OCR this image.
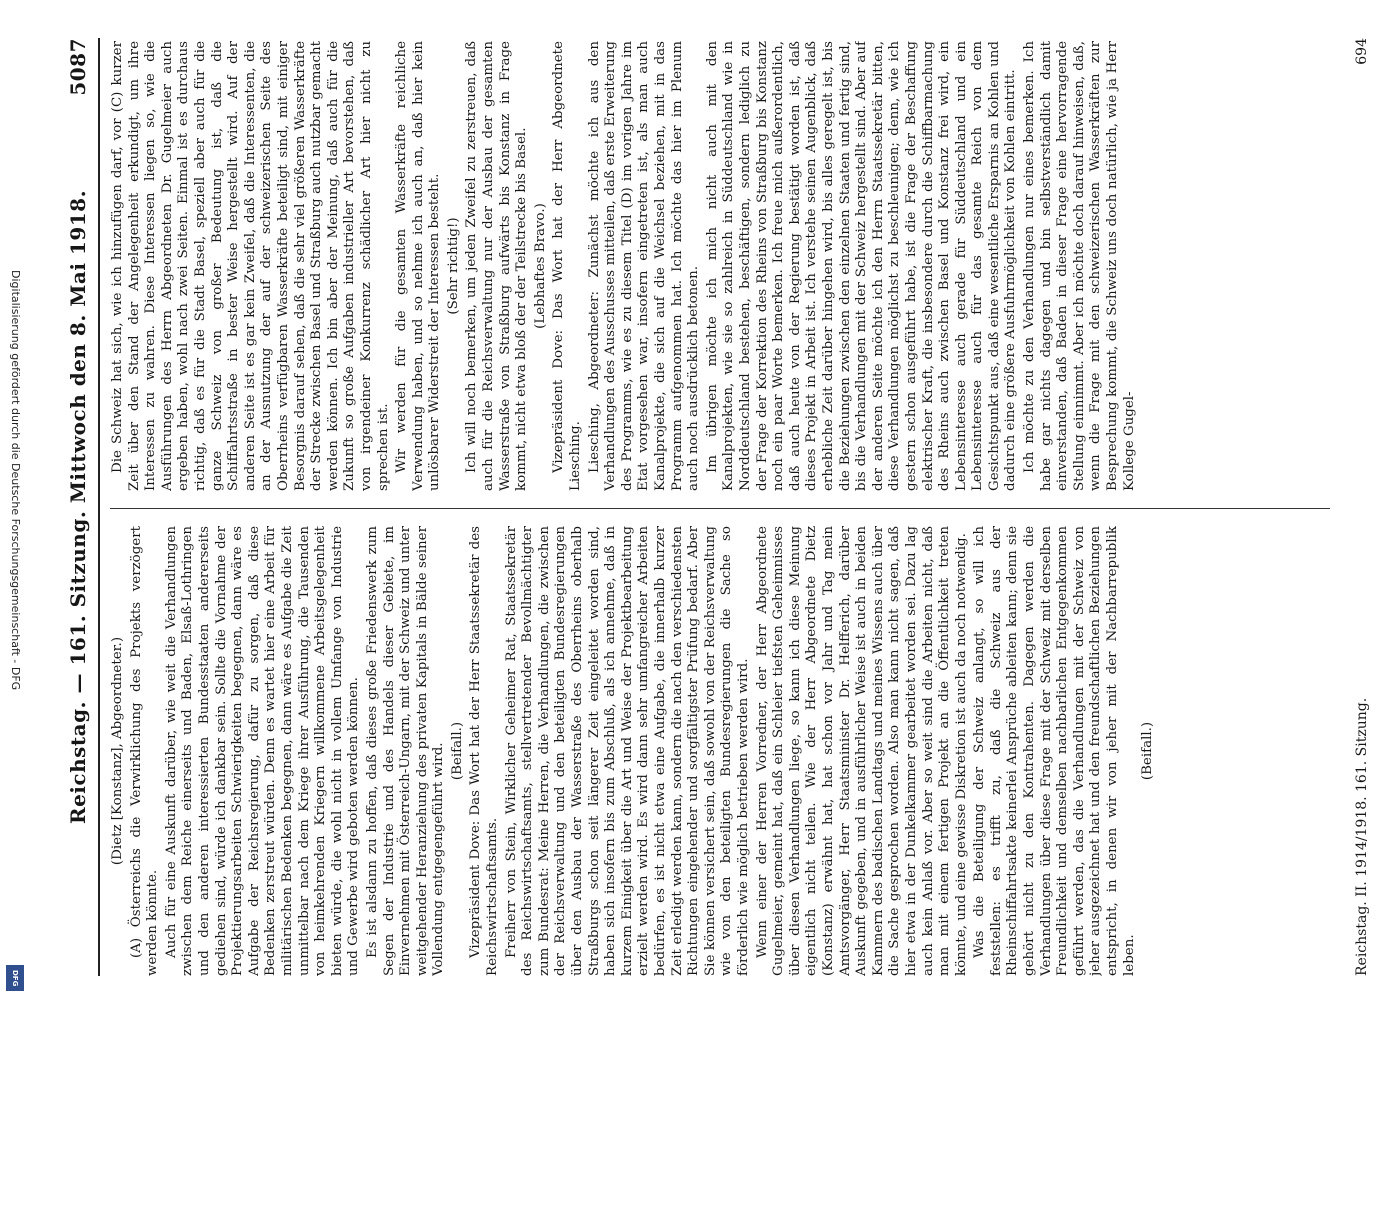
Digitalisierung gefördert durch die Deutsche Forschungsgemeinschaft - DFG
DFG
Reichstag. — 161. Sitzung. Mittwoch den 8. Mai 1918.
5087

(Dietz [Konstanz], Abgeordneter.) (A) Österreichs die Verwirklichung des Projekts verzögert werden könnte. Auch für eine Auskunft darüber, wie weit die Verhandlungen zwischen dem Reiche einerseits und Baden, Elsaß-Lothringen und den anderen interessierten Bundesstaaten andererseits gediehen sind, würde ich dankbar sein. Sollte die Vornahme der Projektierungsarbeiten Schwierigkeiten begegnen, dann wäre es Aufgabe der Reichsregierung, dafür zu sorgen, daß diese Bedenken zerstreut würden. Denn es wartet hier eine Arbeit für militärischen Bedenken begegnen, dann wäre es Aufgabe die Zeit unmittelbar nach dem Kriege ihrer Ausführung, die Tausenden von heimkehrenden Kriegern willkommene Arbeitsgelegenheit bieten würde, die wohl nicht in vollem Umfange von Industrie und Gewerbe wird geboten werden können. Es ist alsdann zu hoffen, daß dieses große Friedenswerk zum Segen der Industrie und des Handels dieser Gebiete, im Einvernehmen mit Österreich-Ungarn, mit der Schweiz und unter weitgehender Heranziehung des privaten Kapitals in Bälde seiner Vollendung entgegengeführt wird. (Beifall.) Vizepräsident Dove: Das Wort hat der Herr Staatssekretär des Reichswirtschaftsamts. Freiherr von Stein, Wirklicher Geheimer Rat, Staatssekretär des Reichswirtschaftsamts, stellvertretender Bevollmächtigter zum Bundesrat: Meine Herren, die Verhandlungen, die zwischen der Reichsverwaltung und den beteiligten Bundesregierungen über den Ausbau der Wasserstraße des Oberrheins oberhalb Straßburgs schon seit längerer Zeit eingeleitet worden sind, haben sich insofern bis zum Abschluß, als ich annehme, daß in kurzem Einigkeit über die Art und Weise der Projektbearbeitung erzielt werden wird. Es wird dann sehr umfangreicher Arbeiten bedürfen, es ist nicht etwa eine Aufgabe, die innerhalb kurzer Zeit erledigt werden kann, sondern die nach den verschiedensten Richtungen eingehender und sorgfältigster Prüfung bedarf. Aber Sie können versichert sein, daß sowohl von der Reichsverwaltung wie von den beteiligten Bundesregierungen die Sache so förderlich wie möglich betrieben werden wird. Wenn einer der Herren Vorredner, der Herr Abgeordnete Gugelmeier, gemeint hat, daß ein Schleier tiefsten Geheimnisses über diesen Verhandlungen liege, so kann ich diese Meinung eigentlich nicht teilen. Wie der Herr Abgeordnete Dietz (Konstanz) erwähnt hat, hat schon vor Jahr und Tag mein Amtsvorgänger, Herr Staatsminister Dr. Helfferich, darüber Auskunft gegeben, und in ausführlicher Weise ist auch in beiden Kammern des badischen Landtags und meines Wissens auch über die Sache gesprochen worden. Also man kann nicht sagen, daß hier etwa in der Dunkelkammer gearbeitet worden sei. Dazu lag auch kein Anlaß vor. Aber so weit sind die Arbeiten nicht, daß man mit einem fertigen Projekt an die Öffentlichkeit treten könnte, und eine gewisse Diskretion ist auch da noch notwendig. Was die Beteiligung der Schweiz anlangt, so will ich feststellen: es trifft zu, daß die Schweiz aus der Rheinschiffahrtsakte keinerlei Ansprüche ableiten kann; denn sie gehört nicht zu den Kontrahenten. Dagegen werden die Verhandlungen über diese Frage mit der Schweiz mit derselben Freundlichkeit und demselben nachbarlichen Entgegenkommen geführt werden, das die Verhandlungen mit der Schweiz von jeher ausgezeichnet hat und den freundschaftlichen Beziehungen entspricht, in denen wir von jeher mit der Nachbarrepublik leben.

(Beifall.)

Die Schweiz hat sich, wie ich hinzufügen darf, vor (C) kurzer Zeit über den Stand der Angelegenheit erkundigt, um ihre Interessen zu wahren. Diese Interessen liegen so, wie die Ausführungen des Herrn Abgeordneten Dr. Gugelmeier auch ergeben haben, wohl nach zwei Seiten. Einmal ist es durchaus richtig, daß es für die Stadt Basel, speziell aber auch für die ganze Schweiz von großer Bedeutung ist, daß die Schiffahrtsstraße in bester Weise hergestellt wird. Auf der anderen Seite ist es gar kein Zweifel, daß die Interessenten, die an der Ausnutzung der auf der schweizerischen Seite des Oberrheins verfügbaren Wasserkräfte beteiligt sind, mit einiger Besorgnis darauf sehen, daß die sehr viel größeren Wasserkräfte der Strecke zwischen Basel und Straßburg auch nutzbar gemacht werden können. Ich bin aber der Meinung, daß auch für die Zukunft so große Aufgaben industrieller Art bevorstehen, daß von irgendeiner Konkurrenz schädlicher Art hier nicht zu sprechen ist. Wir werden für die gesamten Wasserkräfte reichliche Verwendung haben, und so nehme ich auch an, daß hier kein unlösbarer Widerstreit der Interessen besteht. (Sehr richtig!) Ich will noch bemerken, um jeden Zweifel zu zerstreuen, daß auch für die Reichsverwaltung nur der Ausbau der gesamten Wasserstraße von Straßburg aufwärts bis Konstanz in Frage kommt, nicht etwa bloß der der Teilstrecke bis Basel. (Lebhaftes Bravo.) Vizepräsident Dove: Das Wort hat der Herr Abgeordnete Liesching. Liesching, Abgeordneter: Zunächst möchte ich aus den Verhandlungen des Ausschusses mitteilen, daß erste Erweiterung des Programms, wie es zu diesem Titel (D) im vorigen Jahre im Etat vorgesehen war, insofern eingetreten ist, als man auch Kanalprojekte, die sich auf die Weichsel beziehen, mit in das Programm aufgenommen hat. Ich möchte das hier im Plenum auch noch ausdrücklich betonen. Im übrigen möchte ich mich nicht auch mit den Kanalprojekten, wie sie so zahlreich in Süddeutschland wie in Norddeutschland bestehen, beschäftigen, sondern lediglich zu der Frage der Korrektion des Rheins von Straßburg bis Konstanz noch ein paar Worte bemerken. Ich freue mich außerordentlich, daß auch heute von der Regierung bestätigt worden ist, daß dieses Projekt in Arbeit ist. Ich verstehe seinen Augenblick, daß erhebliche Zeit darüber hingehen wird, bis alles geregelt ist, bis die Beziehungen zwischen den einzelnen Staaten und fertig sind, bis die Verhandlungen mit der Schweiz hergestellt sind. Aber auf der anderen Seite möchte ich den Herrn Staatssekretär bitten, diese Verhandlungen möglichst zu beschleunigen; denn, wie ich gestern schon ausgeführt habe, ist die Frage der Beschaffung elektrischer Kraft, die insbesondere durch die Schiffbarmachung des Rheins auch zwischen Basel und Konstanz frei wird, ein Lebensinteresse auch gerade für Süddeutschland und ein Lebensinteresse auch für das gesamte Reich von dem Gesichtspunkt aus, daß eine wesentliche Ersparnis an Kohlen und dadurch eine größere Ausfuhrmöglichkeit von Kohlen eintritt. Ich möchte zu den Verhandlungen nur eines bemerken. Ich habe gar nichts dagegen und bin selbstverständlich damit einverstanden, daß Baden in dieser Frage eine hervorragende Stellung einnimmt. Aber ich möchte doch darauf hinweisen, daß, wenn die Frage mit den schweizerischen Wasserkräften zur Besprechung kommt, die Schweiz uns doch natürlich, wie ja Herr Kollege Gugel-

Reichstag. II. 1914/1918. 161. Sitzung.
694
